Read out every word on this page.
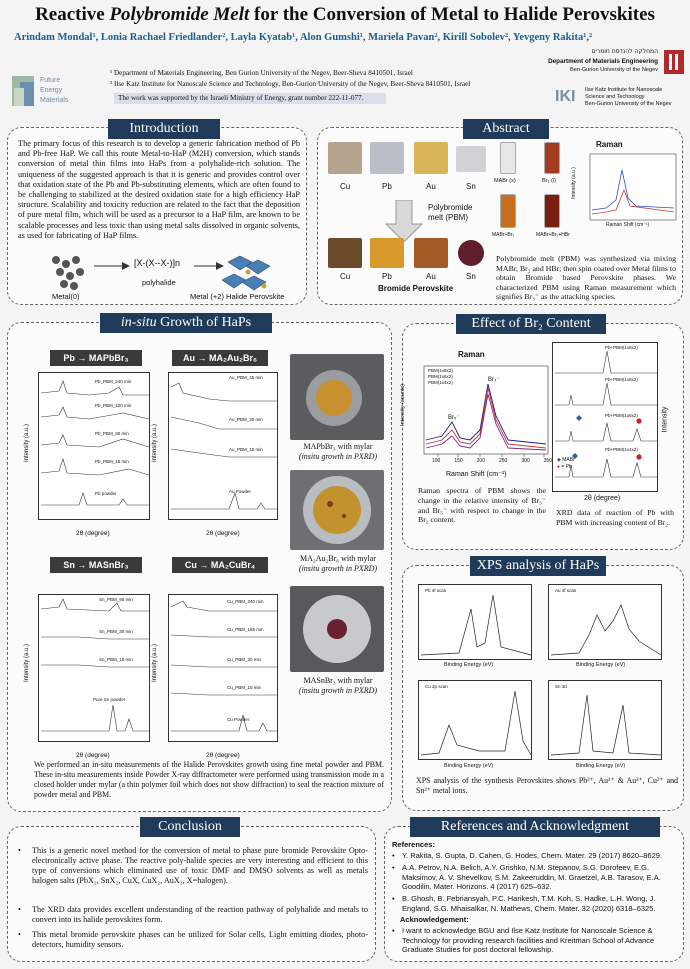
Reactive Polybromide Melt for the Conversion of Metal to Halide Perovskites
Arindam Mondal¹, Lonia Rachael Friedlander², Layla Kyatab¹, Alon Gumshi¹, Mariela Pavan², Kirill Sobolev², Yevgeny Rakita¹,²
¹ Department of Materials Engineering, Ben Gurion University of the Negev, Beer-Sheva 8410501, Israel
² Ilse Katz Institute for Nanoscale Science and Technology, Ben-Gurion University of the Negev, Beer-Sheva 8410501, Israel
The work was supported by the Israeli Ministry of Energy, grant number 222-11-077.
Future
Energy
Materials
המחלקה להנדסת חומרים
Department of Materials Engineering
Ben-Gurion University of the Negev
IKI Ilse Katz Institute for Nanoscale
Science and Technology
Ben-Gurion University of the Negev
Introduction
The primary focus of this research is to develop a generic fabrication method of Pb and Pb-free HaP. We call this route Metal-to-HaP (M2H) conversion, which stands conversion of metal thin films into HaPs from a polyhalide-rich solution. The uniqueness of the suggested approach is that it is generic and provides control over that oxidation state of the Pb and Pb-substituting elements, which are often found to be challenging to stabilized at the desired oxidation state for a high efficiency HaP structure. Scalability and toxicity reduction are related to the fact that the deposition of pure metal film, which will be used as a precursor to a HaP film, are known to be scalable processes and less toxic than using metal salts dissolved in organic solvents, as used for fabricating of HaP films.
[X-(X--X-)]n
polyhalide
Metal(0)	Metal (+2) Halide Perovskite
Abstract
Cu	Pb	Au	Sn
Polybromide melt (PBM)
Cu	Pb	Au	Sn
Bromide Perovskite
MABr (s)	Br₂ (l)
MABr+Br₂	MABr+Br₂+HBr
Raman
Raman Shift (cm⁻¹)
Intensity (a.u.)
Polybromide melt (PBM) was synthesized via mixing MABr, Br₂ and HBr; then spin coated over Metal films to obtain Bromide based Perovskite phases. We characterized PBM using Raman measurement which signifies Br₃⁻ as the attacking species.
in-situ Growth of HaPs
Pb → MAPbBr₃	Au → MA₂Au₂Br₆
Sn → MASnBr₃	Cu → MA₂CuBr₄
Pb_PBM_240 min
Pb_PBM_120 min
Pb_PBM_60 min
Pb_PBM_15 min
Pb powder
Intensity (a.u.)
2θ (degree)
Au_PBM_45 min
Au_PBM_30 min
Au_PBM_15 min
Au Powder
Intensity (a.u.)
2θ (degree)
Sn_PBM_90 min
Sn_PBM_30 min
Sn_PBM_15 min
Pure Sn powder
Intensity (a.u.)
2θ (degree)
Cu_PBM_240 min
Cu_PBM_165 min
Cu_PBM_30 min
Cu_PBM_15 min
Cu Powder
Intensity (a.u.)
2θ (degree)
MAPbBr₃ with mylar
(insitu growth in PXRD)
MA₂Au₂Br₆ with mylar
(insitu growth in PXRD)
MASnBr₃ with mylar
(insitu growth in PXRD)
We performed an in-situ measurements of the Halide Perovskites growth using fine metal powder and PBM. These in-situ measurements inside Powder X-ray diffractometer were performed using transmission mode in a closed holder under mylar (a thin polymer foil which does not show diffraction) to seal the reaction mixture of powder metal and PBM.
Effect of Br₂ Content
Raman
PBM(1x8x2)
PBM(1x6x2)
PBM(1x4x2)	Br₃⁻
Br₅⁻
100	150	200	250	300	350
Intensity (counts)
Raman Shift (cm⁻¹)
Raman spectra of PBM shows the change in the relative intensity of Br₃⁻ and Br₅⁻ with respect to change in the Br₂ content.
Pb+PBM(1x8x2)
Pb+PBM(1x8x2)
Pb+PBM(1x6x2)
Pb+PBM(1x4x2)
◆ MABr
● = Pb
Intensity
2θ (degree)
XRD data of reaction of Pb with PBM with increasing content of Br₂.
XPS analysis of HaPs
Pb 4f scan	Au 4f scan
Cu 2p scan	Sn 3d
Binding Energy (eV)	Binding Energy (eV)
Binding Energy (eV)	Binding Energy (eV)
XPS analysis of the synthesis Perovskites shows Pb²⁺, Au¹⁺ & Au³⁺, Cu²⁺ and Sn²⁺ metal ions.
Conclusion
• This is a generic novel method for the conversion of metal to phase pure bromide Perovskite Opto-electronically active phase. The reactive poly-halide species are very interesting and efficient to this type of conversions which eliminated use of toxic DMF and DMSO solvents as well as metals halogen salts (PbX₂, SnX₂, CuX, CuX₂, AuX₃, X=halogen).
• The XRD data provides excellent understanding of the reaction pathway of polyhalide and metals to convert into its halide perovskites form.
• This metal bromide perovskite phases can be utilized for Solar cells, Light emitting diodes, photo-detectors, humidity sensors.
References and Acknowledgment
References:
• Y. Rakita, S. Gupta, D. Cahen, G. Hodes, Chem. Mater. 29 (2017) 8620–8629.
• A.A. Petrov, N.A. Belich, A.Y. Grishko, N.M. Stepanov, S.G. Dorofeev, E.G. Maksimov, A. V. Shevelkov, S.M. Zakeeruddin, M. Graetzel, A.B. Tarasov, E.A. Goodilin, Mater. Horizons. 4 (2017) 625–632.
• B. Ghosh, B. Febriansyah, P.C. Harikesh, T.M. Koh, S. Hadke, L.H. Wong, J. England, S.G. Mhaisalkar, N. Mathews, Chem. Mater. 32 (2020) 6318–6325.
Acknowledgement:
• I want to acknowledge BGU and Ilse Katz Institute for Nanoscale Science & Technology for providing research facilities and Kreitman School of Advance Graduate Studies for post doctoral fellowship.
